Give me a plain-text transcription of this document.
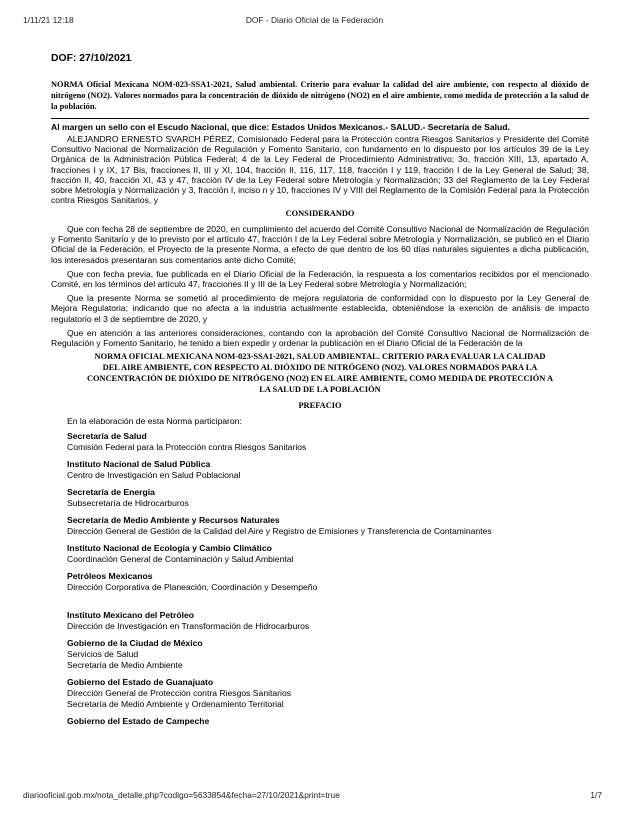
1/11/21 12:18	DOF - Diario Oficial de la Federación
DOF: 27/10/2021

NORMA Oficial Mexicana NOM-023-SSA1-2021, Salud ambiental. Criterio para evaluar la calidad del aire ambiente, con respecto al dióxido de nitrógeno (NO2). Valores normados para la concentración de dióxido de nitrógeno (NO2) en el aire ambiente, como medida de protección a la salud de la población.

Al margen un sello con el Escudo Nacional, que dice: Estados Unidos Mexicanos.- SALUD.- Secretaría de Salud.

ALEJANDRO ERNESTO SVARCH PÉREZ, Comisionado Federal para la Protección contra Riesgos Sanitarios y Presidente del Comité Consultivo Nacional de Normalización de Regulación y Fomento Sanitario, con fundamento en lo dispuesto por los artículos 39 de la Ley Orgánica de la Administración Pública Federal; 4 de la Ley Federal de Procedimiento Administrativo; 3o, fracción XIII, 13, apartado A, fracciones I y IX, 17 Bis, fracciones II, III y XI, 104, fracción II, 116, 117, 118, fracción I y 119, fracción I de la Ley General de Salud; 38, fracción II, 40, fracción XI, 43 y 47, fracción IV de la Ley Federal sobre Metrología y Normalización; 33 del Reglamento de la Ley Federal sobre Metrología y Normalización y 3, fracción I, inciso n y 10, fracciones IV y VIII del Reglamento de la Comisión Federal para la Protección contra Riesgos Sanitarios, y

CONSIDERANDO

Que con fecha 28 de septiembre de 2020, en cumplimiento del acuerdo del Comité Consultivo Nacional de Normalización de Regulación y Fomento Sanitario y de lo previsto por el artículo 47, fracción I de la Ley Federal sobre Metrología y Normalización, se publicó en el Diario Oficial de la Federación, el Proyecto de la presente Norma, a efecto de que dentro de los 60 días naturales siguientes a dicha publicación, los interesados presentaran sus comentarios ante dicho Comité;

Que con fecha previa, fue publicada en el Diario Oficial de la Federación, la respuesta a los comentarios recibidos por el mencionado Comité, en los términos del artículo 47, fracciones II y III de la Ley Federal sobre Metrología y Normalización;

Que la presente Norma se sometió al procedimiento de mejora regulatoria de conformidad con lo dispuesto por la Ley General de Mejora Regulatoria; indicando que no afecta a la industria actualmente establecida, obteniéndose la exención de análisis de impacto regulatorio el 3 de septiembre de 2020, y

Que en atención a las anteriores consideraciones, contando con la aprobación del Comité Consultivo Nacional de Normalización de Regulación y Fomento Sanitario, he tenido a bien expedir y ordenar la publicación en el Diario Oficial de la Federación de la

NORMA OFICIAL MEXICANA NOM-023-SSA1-2021, SALUD AMBIENTAL. CRITERIO PARA EVALUAR LA CALIDAD DEL AIRE AMBIENTE, CON RESPECTO AL DIÓXIDO DE NITRÓGENO (NO2). VALORES NORMADOS PARA LA CONCENTRACIÓN DE DIÓXIDO DE NITRÓGENO (NO2) EN EL AIRE AMBIENTE, COMO MEDIDA DE PROTECCIÓN A LA SALUD DE LA POBLACIÓN
PREFACIO
En la elaboración de esta Norma participaron:
Secretaría de Salud
Comisión Federal para la Protección contra Riesgos Sanitarios
Instituto Nacional de Salud Pública
Centro de Investigación en Salud Poblacional
Secretaría de Energía
Subsecretaría de Hidrocarburos
Secretaría de Medio Ambiente y Recursos Naturales
Dirección General de Gestión de la Calidad del Aire y Registro de Emisiones y Transferencia de Contaminantes
Instituto Nacional de Ecología y Cambio Climático
Coordinación General de Contaminación y Salud Ambiental
Petróleos Mexicanos
Dirección Corporativa de Planeación, Coordinación y Desempeño
Instituto Mexicano del Petróleo
Dirección de Investigación en Transformación de Hidrocarburos
Gobierno de la Ciudad de México
Servicios de Salud
Secretaría de Medio Ambiente
Gobierno del Estado de Guanajuato
Dirección General de Protección contra Riesgos Sanitarios
Secretaría de Medio Ambiente y Ordenamiento Territorial
Gobierno del Estado de Campeche
diariooficial.gob.mx/nota_detalle.php?codigo=5633854&fecha=27/10/2021&print=true	1/7
